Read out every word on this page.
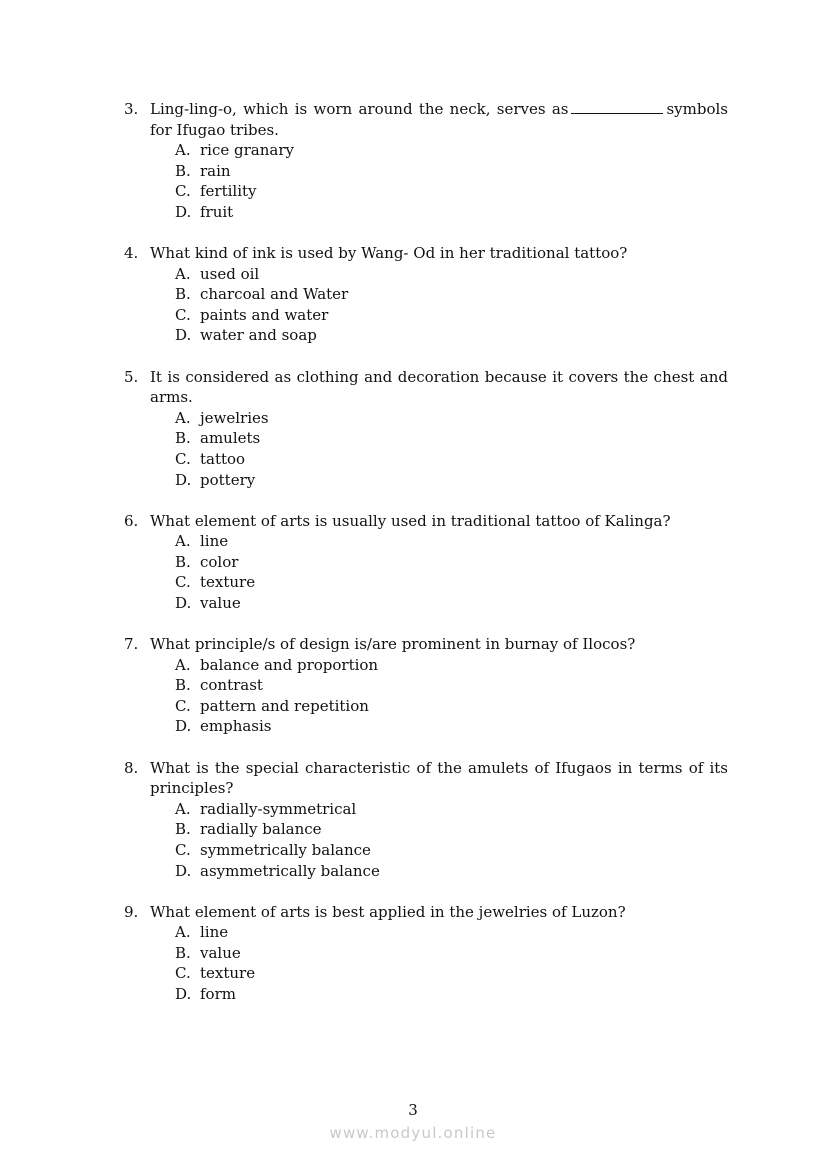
3. Ling-ling-o, which is worn around the neck, serves as	symbols for Ifugao tribes.
A. rice granary
B. rain
C. fertility
D. fruit
4. What kind of ink is used by Wang- Od in her traditional tattoo?
A. used oil
B. charcoal and Water
C. paints and water
D. water and soap
5. It is considered as clothing and decoration because it covers the chest and arms.
A. jewelries
B. amulets
C. tattoo
D. pottery
6. What element of arts is usually used in traditional tattoo of Kalinga?
A. line
B. color
C. texture
D. value
7. What principle/s of design is/are prominent in burnay of Ilocos?
A. balance and proportion
B. contrast
C. pattern and repetition
D. emphasis
8. What is the special characteristic of the amulets of Ifugaos in terms of its principles?
A. radially-symmetrical
B. radially balance
C. symmetrically balance
D. asymmetrically balance
9. What element of arts is best applied in the jewelries of Luzon?
A. line
B. value
C. texture
D. form
3
www.modyul.online
